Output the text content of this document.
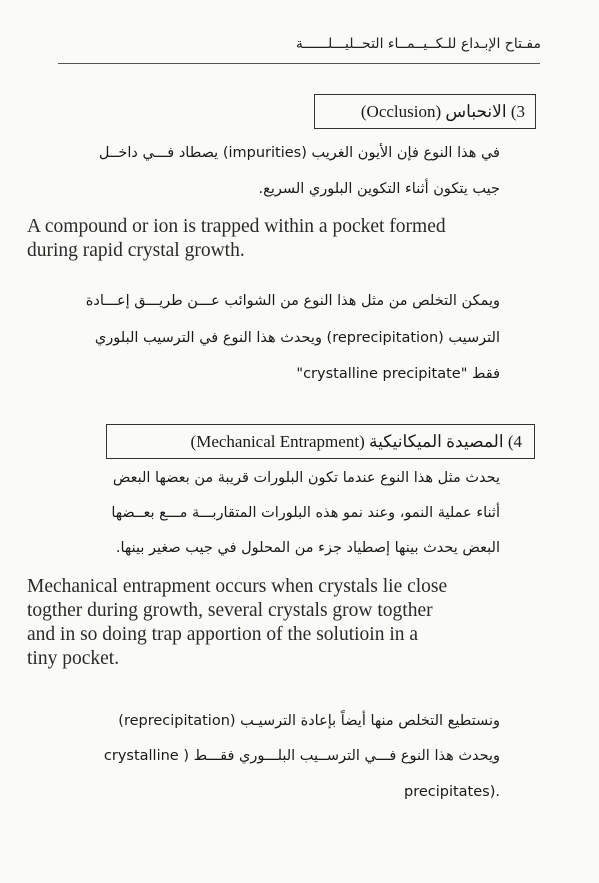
مفـتاح الإبـداع للـكــيــمــاء التحــليـــلــــــة
3) الانحباس (Occlusion)
في هذا النوع فإن الأيون الغريب (impurities) يصطاد فـــي داخــل
جيب يتكون أثناء التكوين البلوري السريع.
A compound or ion is trapped within a pocket formed
during rapid crystal growth.
ويمكن التخلص من مثل هذا النوع من الشوائب عـــن طريـــق إعـــادة
الترسيب (reprecipitation) ويحدث هذا النوع في الترسيب البلوري
فقط "crystalline precipitate"
4) المصيدة الميكانيكية (Mechanical Entrapment)
يحدث مثل هذا النوع عندما تكون البلورات قريبة من بعضها البعض
أثناء عملية النمو، وعند نمو هذه البلورات المتقاربـــة مـــع بعــضها
البعض يحدث بينها إصطياد جزء من المحلول في جيب صغير بينها.
Mechanical entrapment occurs when crystals lie close
togther during growth, several crystals grow togther
and in so doing trap apportion of the solutioin in a
tiny pocket.
ونستطيع التخلص منها أيضاً بإعادة الترسيـب (reprecipitation)
ويحدث هذا النوع فـــي الترســيب البلـــوري فقـــط ( crystalline
.(precipitates
